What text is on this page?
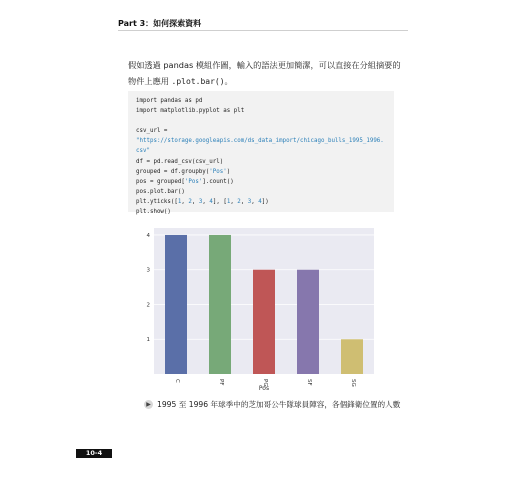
Part 3：如何探索資料
假如透過 pandas 模組作圖，輸入的語法更加簡潔，可以直接在分組摘要的
物件上應用 .plot.bar()。
import pandas as pd
import matplotlib.pyplot as plt

csv_url =
"https://storage.googleapis.com/ds_data_import/chicago_bulls_1995_1996.
csv"
df = pd.read_csv(csv_url)
grouped = df.groupby('Pos')
pos = grouped['Pos'].count()
pos.plot.bar()
plt.yticks([1, 2, 3, 4], [1, 2, 3, 4])
plt.show()
1
2
3
4
C	PF	PG	SF	SG
Pos
▶ 1995 至 1996 年球季中的芝加哥公牛隊球員陣容，各個鋒衛位置的人數
10-4
